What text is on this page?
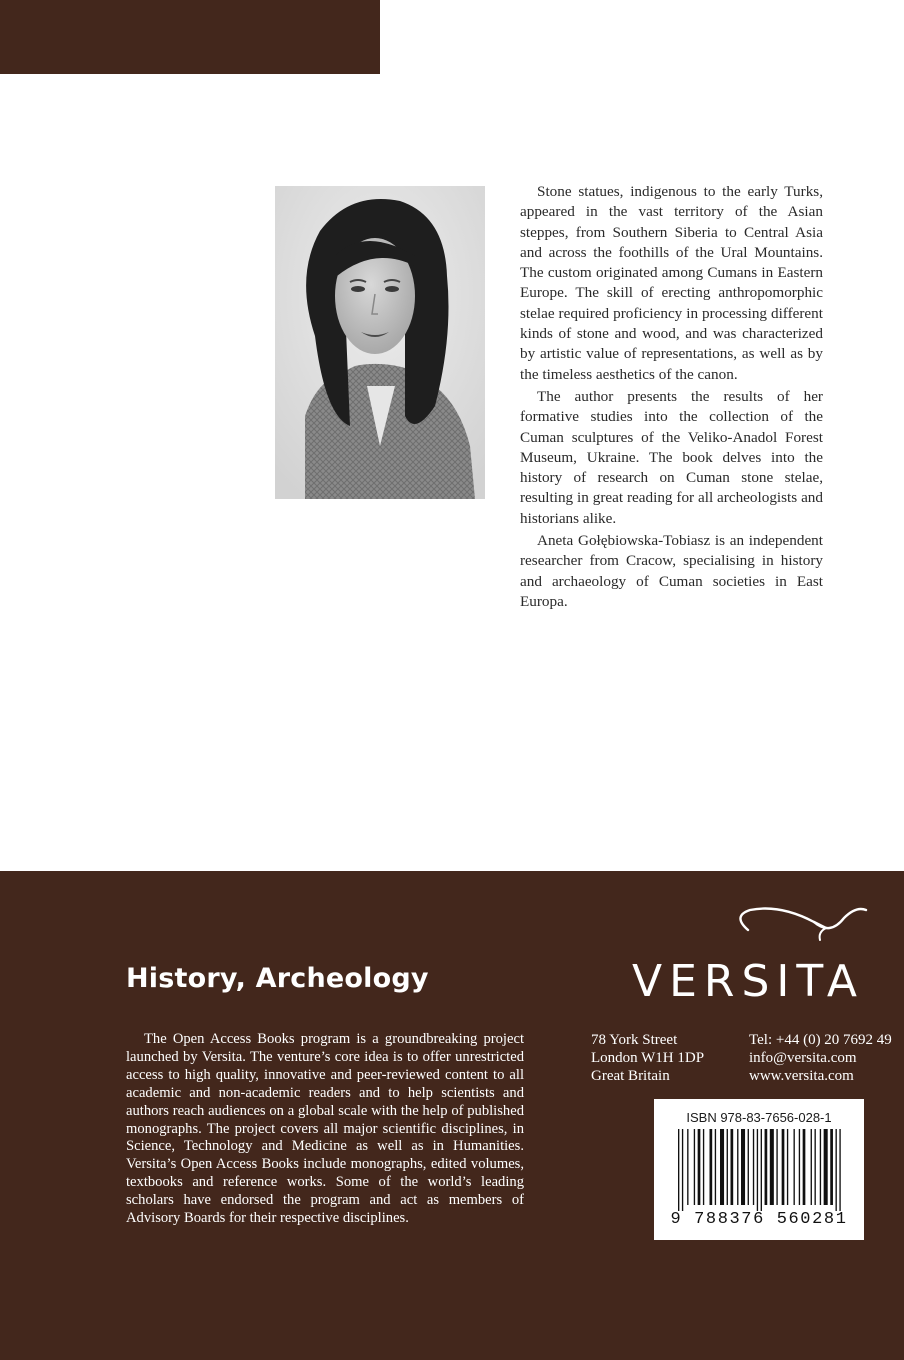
Stone statues, indigenous to the early Turks, appeared in the vast territory of the Asian steppes, from Southern Siberia to Central Asia and across the foothills of the Ural Mountains. The custom originated among Cumans in Eastern Europe. The skill of erecting anthropomorphic stelae required proficiency in processing different kinds of stone and wood, and was characterized by artistic value of representations, as well as by the timeless aesthetics of the canon.

The author presents the results of her formative studies into the collection of the Cuman sculptures of the Veliko-Anadol Forest Museum, Ukraine. The book delves into the history of research on Cuman stone stelae, resulting in great reading for all archeologists and historians alike.

Aneta Gołębiowska-Tobiasz is an independent researcher from Cracow, specialising in history and archaeology of Cuman societies in East Europa.

History, Archeology

The Open Access Books program is a groundbreaking project launched by Versita. The venture’s core idea is to offer unrestricted access to high quality, innovative and peer-reviewed content to all academic and non-academic readers and to help scientists and authors reach audiences on a global scale with the help of published monographs. The project covers all major scientific disciplines, in Science, Technology and Medicine as well as in Humanities. Versita’s Open Access Books include monographs, edited volumes, textbooks and reference works. Some of the world’s leading scholars have endorsed the program and act as members of Advisory Boards for their respective disciplines.

VERSITA
78 York Street
London W1H 1DP
Great Britain
Tel: +44 (0) 20 7692 49
info@versita.com
www.versita.com
ISBN 978-83-7656-028-1
9 788376 560281
